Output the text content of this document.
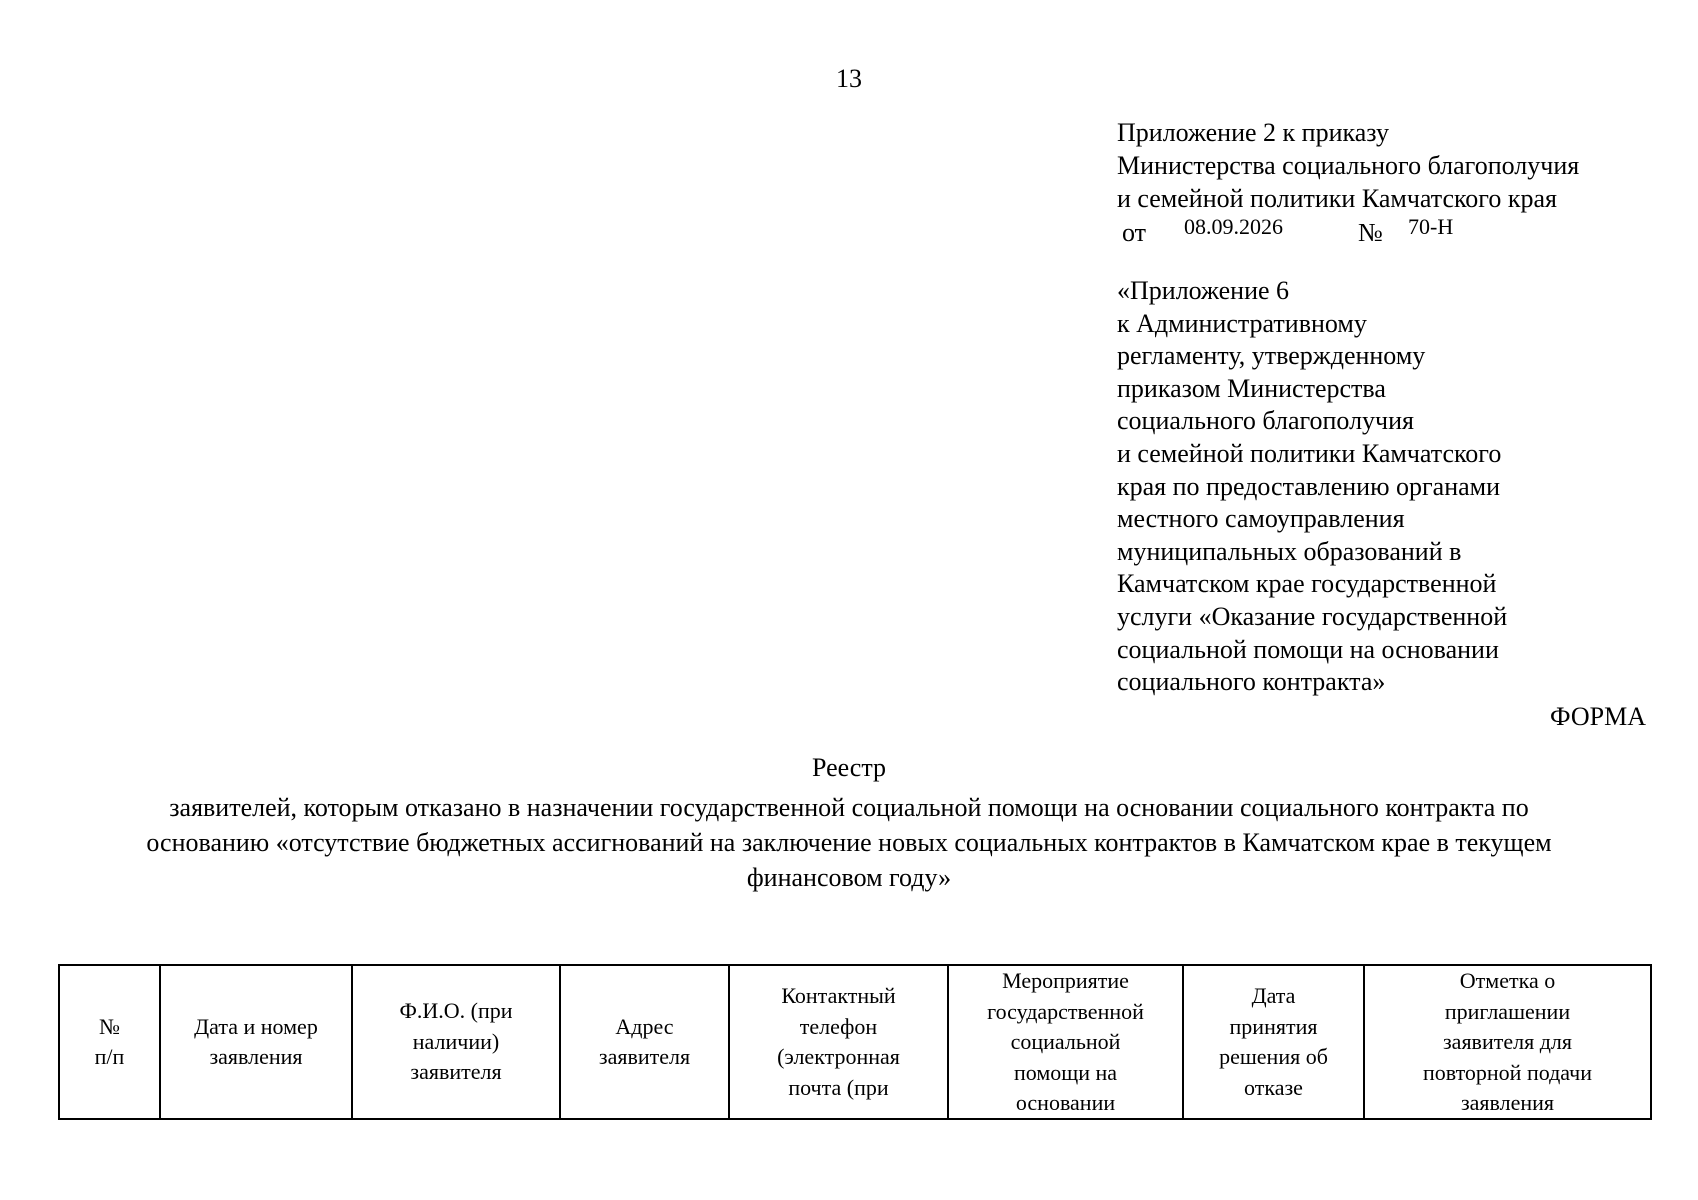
13
Приложение 2 к приказу
Министерства социального благополучия
и семейной политики Камчатского края
от 08.09.2026	№ 70-Н
«Приложение 6
к Административному
регламенту, утвержденному
приказом Министерства
социального благополучия
и семейной политики Камчатского
края по предоставлению органами
местного самоуправления
муниципальных образований в
Камчатском крае государственной
услуги «Оказание государственной
социальной помощи на основании
социального контракта»
ФОРМА
Реестр
заявителей, которым отказано в назначении государственной социальной помощи на основании социального контракта по
основанию «отсутствие бюджетных ассигнований на заключение новых социальных контрактов в Камчатском крае в текущем
финансовом году»
№
п/п

Дата и номер
заявления

Ф.И.О. (при
наличии)
заявителя

Адрес
заявителя

Контактный
телефон
(электронная
почта (при

Мероприятие
государственной
социальной
помощи на
основании

Дата
принятия
решения об
отказе

Отметка о
приглашении
заявителя для
повторной подачи
заявления
